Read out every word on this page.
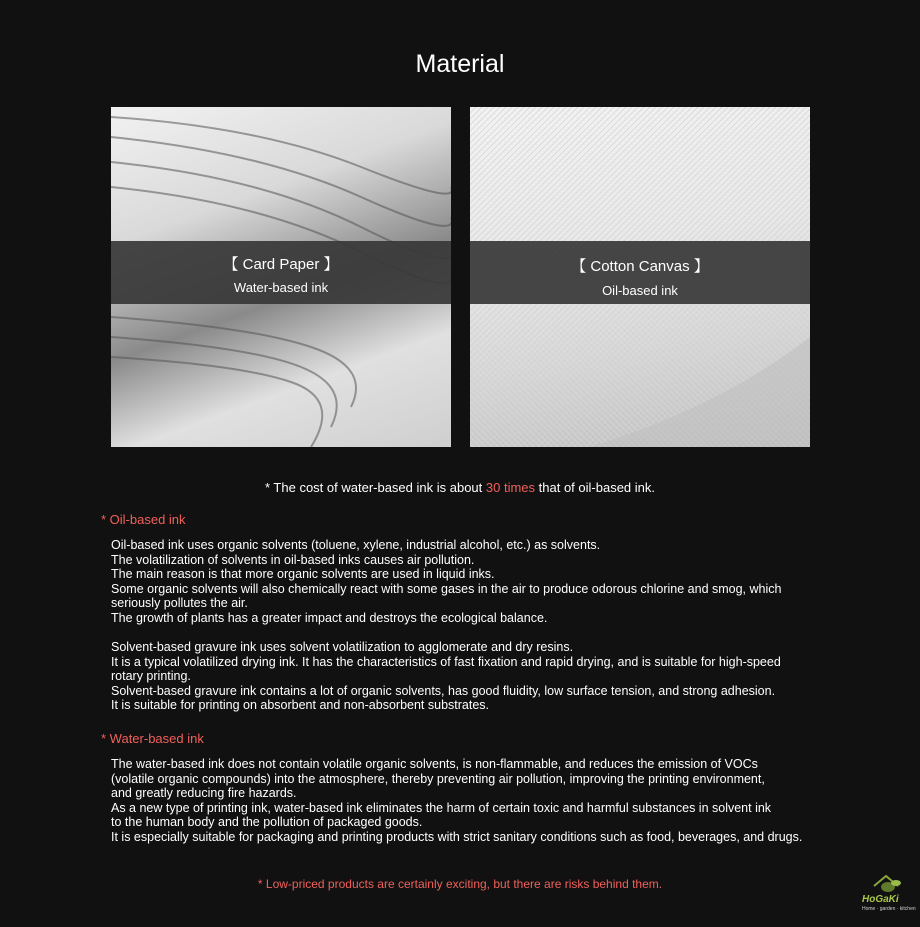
Material
【 Card Paper 】
Water-based ink
【 Cotton Canvas 】
Oil-based ink
* The cost of water-based ink is about 30 times that of oil-based ink.
* Oil-based ink
Oil-based ink uses organic solvents (toluene, xylene, industrial alcohol, etc.) as solvents.
The volatilization of solvents in oil-based inks causes air pollution.
The main reason is that more organic solvents are used in liquid inks.
Some organic solvents will also chemically react with some gases in the air to produce odorous chlorine and smog, which
seriously pollutes the air.
The growth of plants has a greater impact and destroys the ecological balance.
Solvent-based gravure ink uses solvent volatilization to agglomerate and dry resins.
It is a typical volatilized drying ink. It has the characteristics of fast fixation and rapid drying, and is suitable for high-speed
rotary printing.
Solvent-based gravure ink contains a lot of organic solvents, has good fluidity, low surface tension, and strong adhesion.
It is suitable for printing on absorbent and non-absorbent substrates.
* Water-based ink
The water-based ink does not contain volatile organic solvents, is non-flammable, and reduces the emission of VOCs
(volatile organic compounds) into the atmosphere, thereby preventing air pollution, improving the printing environment,
and greatly reducing fire hazards.
As a new type of printing ink, water-based ink eliminates the harm of certain toxic and harmful substances in solvent ink
to the human body and the pollution of packaged goods.
It is especially suitable for packaging and printing products with strict sanitary conditions such as food, beverages, and drugs.
* Low-priced products are certainly exciting, but there are risks behind them.
HoGaKi
Home · garden · kitchen
